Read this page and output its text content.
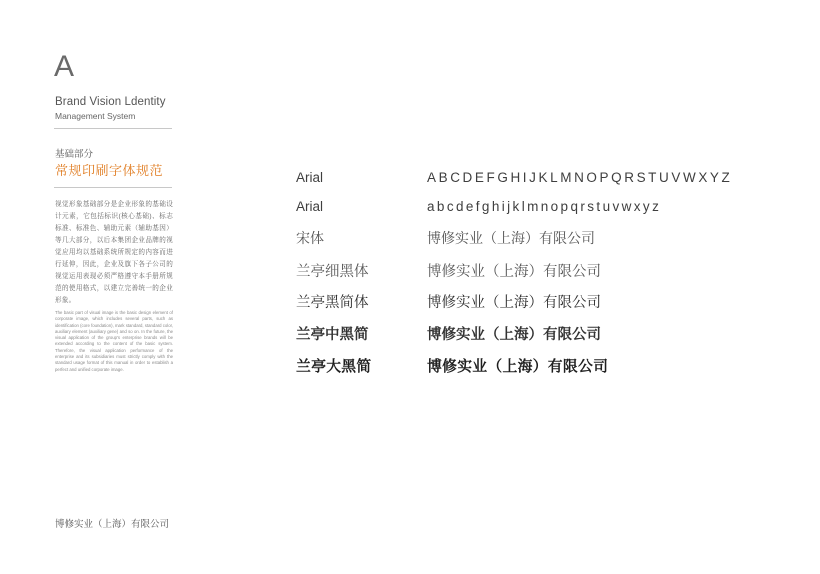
A
Brand Vision Ldentity
Management System
基础部分
常规印刷字体规范
视觉形象基础部分是企业形象的基础设计元素，它包括标识(核心基础)、标志标准、标准色、辅助元素（辅助基因）等几大部分，以后本集团企业品牌的视觉应用均以基础系统所规定的内容而进行延伸，因此，企业及旗下各子公司的视觉运用表现必须严格遵守本手册所规范的使用格式，以建立完善统一的企业形象。
The basic part of visual image is the basic design element of corporate image, which includes several parts, such as identification (core foundation), mark standard, standard color, auxiliary element (auxiliary gene) and so on. In the future, the visual application of the group's enterprise brands will be extended according to the content of the basic system. Therefore, the visual application performance of the enterprise and its subsidiaries must strictly comply with the standard usage format of this manual in order to establish a perfect and unified corporate image.
博修实业（上海）有限公司
Arial	ABCDEFGHIJKLMNOPQRSTUVWXYZ
Arial	abcdefghijklmnopqrstuvwxyz
宋体	博修实业（上海）有限公司
兰亭细黑体	博修实业（上海）有限公司
兰亭黑简体	博修实业（上海）有限公司
兰亭中黑简	博修实业（上海）有限公司
兰亭大黑简	博修实业（上海）有限公司
